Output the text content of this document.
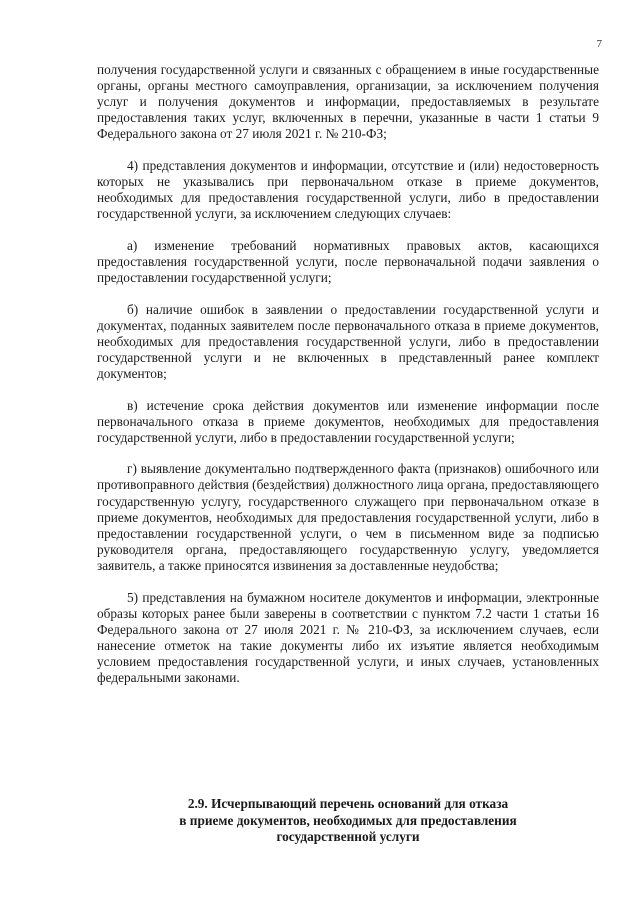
7

получения государственной услуги и связанных с обращением в иные государственные органы, органы местного самоуправления, организации, за исключением получения услуг и получения документов и информации, предоставляемых в результате предоставления таких услуг, включенных в перечни, указанные в части 1 статьи 9 Федерального закона от 27 июля 2021 г. № 210-ФЗ;

4) представления документов и информации, отсутствие и (или) недостоверность которых не указывались при первоначальном отказе в приеме документов, необходимых для предоставления государственной услуги, либо в предоставлении государственной услуги, за исключением следующих случаев:

а) изменение требований нормативных правовых актов, касающихся предоставления государственной услуги, после первоначальной подачи заявления о предоставлении государственной услуги;

б) наличие ошибок в заявлении о предоставлении государственной услуги и документах, поданных заявителем после первоначального отказа в приеме документов, необходимых для предоставления государственной услуги, либо в предоставлении государственной услуги и не включенных в представленный ранее комплект документов;

в) истечение срока действия документов или изменение информации после первоначального отказа в приеме документов, необходимых для предоставления государственной услуги, либо в предоставлении государственной услуги;

г) выявление документально подтвержденного факта (признаков) ошибочного или противоправного действия (бездействия) должностного лица органа, предоставляющего государственную услугу, государственного служащего при первоначальном отказе в приеме документов, необходимых для предоставления государственной услуги, либо в предоставлении государственной услуги, о чем в письменном виде за подписью руководителя органа, предоставляющего государственную услугу, уведомляется заявитель, а также приносятся извинения за доставленные неудобства;

5) представления на бумажном носителе документов и информации, электронные образы которых ранее были заверены в соответствии с пунктом 7.2 части 1 статьи 16 Федерального закона от 27 июля 2021 г. № 210-ФЗ, за исключением случаев, если нанесение отметок на такие документы либо их изъятие является необходимым условием предоставления государственной услуги, и иных случаев, установленных федеральными законами.

2.9. Исчерпывающий перечень оснований для отказа
в приеме документов, необходимых для предоставления
государственной услуги
